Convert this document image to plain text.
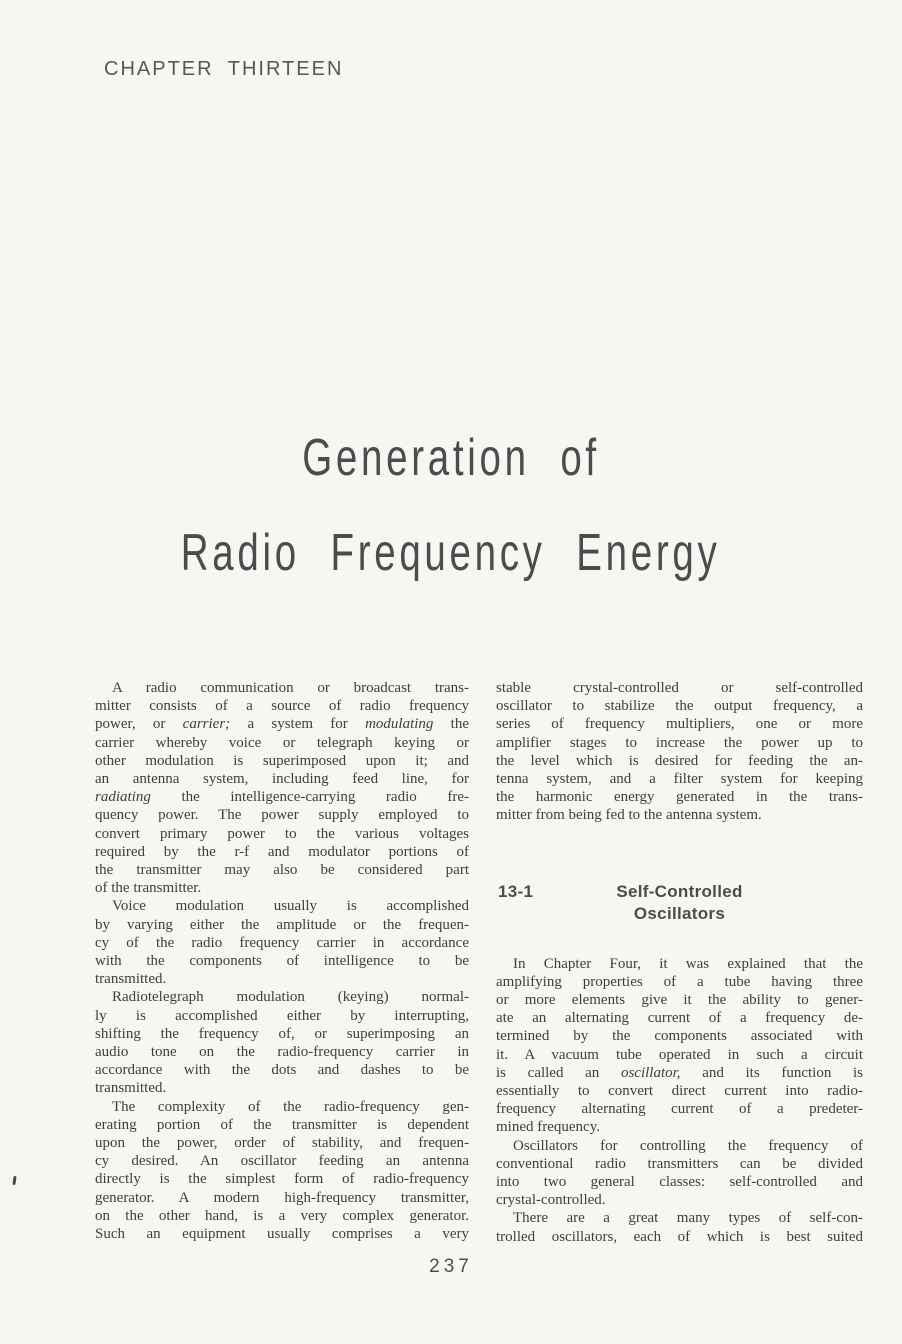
CHAPTER THIRTEEN
Generation of
Radio Frequency Energy
A radio communication or broadcast trans-
mitter consists of a source of radio frequency
power, or carrier; a system for modulating the
carrier whereby voice or telegraph keying or
other modulation is superimposed upon it; and
an antenna system, including feed line, for
radiating the intelligence-carrying radio fre-
quency power. The power supply employed to
convert primary power to the various voltages
required by the r-f and modulator portions of
the transmitter may also be considered part
of the transmitter.
Voice modulation usually is accomplished
by varying either the amplitude or the frequen-
cy of the radio frequency carrier in accordance
with the components of intelligence to be
transmitted.
Radiotelegraph modulation (keying) normal-
ly is accomplished either by interrupting,
shifting the frequency of, or superimposing an
audio tone on the radio-frequency carrier in
accordance with the dots and dashes to be
transmitted.
The complexity of the radio-frequency gen-
erating portion of the transmitter is dependent
upon the power, order of stability, and frequen-
cy desired. An oscillator feeding an antenna
directly is the simplest form of radio-frequency
generator. A modern high-frequency transmitter,
on the other hand, is a very complex generator.
Such an equipment usually comprises a very
stable crystal-controlled or self-controlled
oscillator to stabilize the output frequency, a
series of frequency multipliers, one or more
amplifier stages to increase the power up to
the level which is desired for feeding the an-
tenna system, and a filter system for keeping
the harmonic energy generated in the trans-
mitter from being fed to the antenna system.
13-1	Self-Controlled
Oscillators
In Chapter Four, it was explained that the
amplifying properties of a tube having three
or more elements give it the ability to gener-
ate an alternating current of a frequency de-
termined by the components associated with
it. A vacuum tube operated in such a circuit
is called an oscillator, and its function is
essentially to convert direct current into radio-
frequency alternating current of a predeter-
mined frequency.
Oscillators for controlling the frequency of
conventional radio transmitters can be divided
into two general classes: self-controlled and
crystal-controlled.
There are a great many types of self-con-
trolled oscillators, each of which is best suited
237
